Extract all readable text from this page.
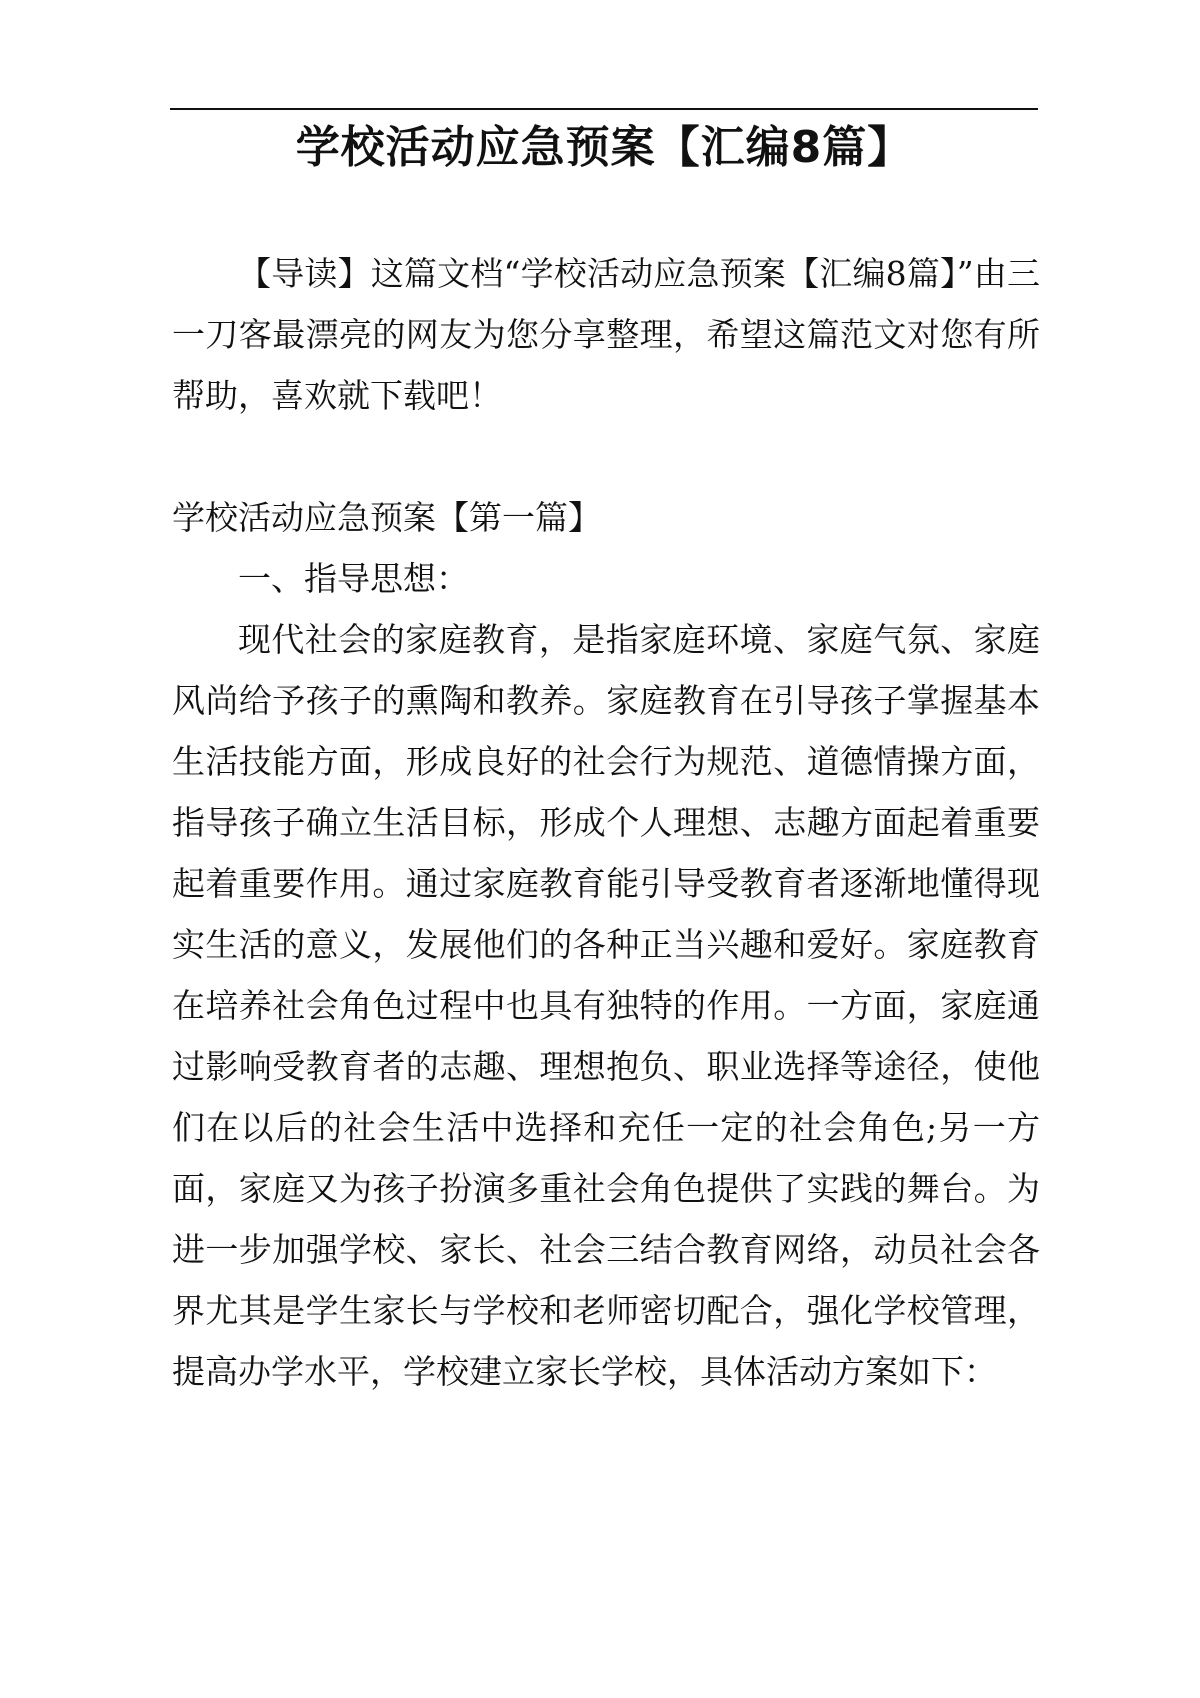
学校活动应急预案【汇编8篇】

【导读】这篇文档“学校活动应急预案【汇编8篇】”由三一刀客最漂亮的网友为您分享整理，希望这篇范文对您有所帮助，喜欢就下载吧！

学校活动应急预案【第一篇】

一、指导思想：

现代社会的家庭教育，是指家庭环境、家庭气氛、家庭风尚给予孩子的熏陶和教养。家庭教育在引导孩子掌握基本生活技能方面，形成良好的社会行为规范、道德情操方面，指导孩子确立生活目标，形成个人理想、志趣方面起着重要起着重要作用。通过家庭教育能引导受教育者逐渐地懂得现实生活的意义，发展他们的各种正当兴趣和爱好。家庭教育在培养社会角色过程中也具有独特的作用。一方面，家庭通过影响受教育者的志趣、理想抱负、职业选择等途径，使他们在以后的社会生活中选择和充任一定的社会角色;另一方面，家庭又为孩子扮演多重社会角色提供了实践的舞台。为进一步加强学校、家长、社会三结合教育网络，动员社会各界尤其是学生家长与学校和老师密切配合，强化学校管理，提高办学水平，学校建立家长学校，具体活动方案如下：
